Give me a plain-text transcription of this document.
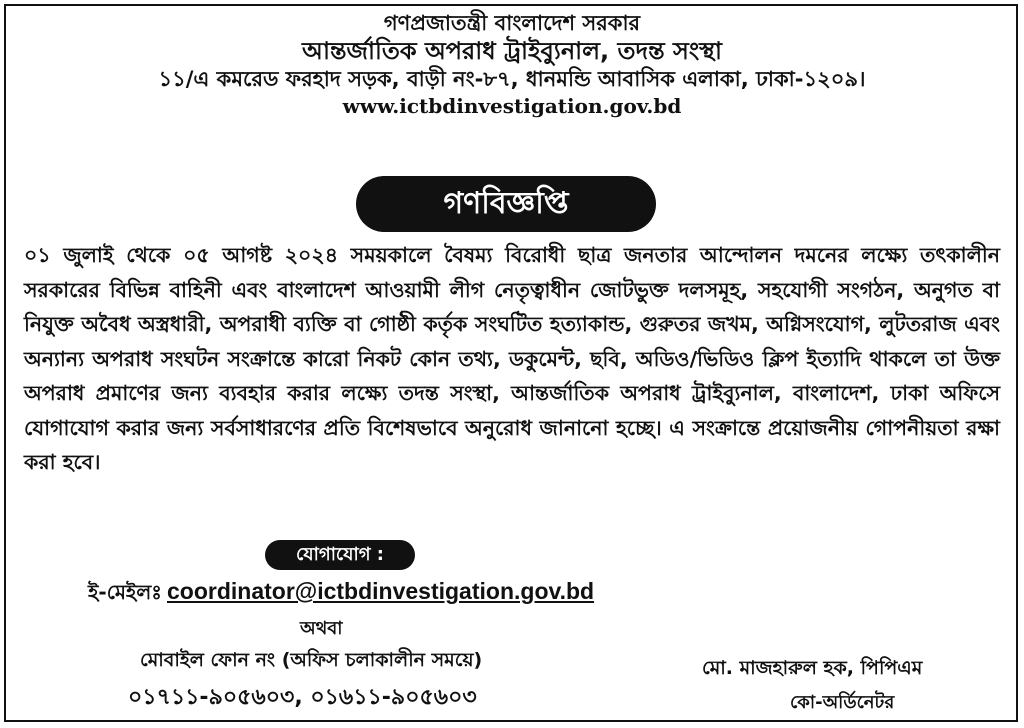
গণপ্রজাতন্ত্রী বাংলাদেশ সরকার
আন্তর্জাতিক অপরাধ ট্রাইব্যুনাল, তদন্ত সংস্থা
১১/এ কমরেড ফরহাদ সড়ক, বাড়ী নং-৮৭, ধানমন্ডি আবাসিক এলাকা, ঢাকা-১২০৯।
www.ictbdinvestigation.gov.bd
গণবিজ্ঞপ্তি
০১ জুলাই থেকে ০৫ আগষ্ট ২০২৪ সময়কালে বৈষম্য বিরোধী ছাত্র জনতার আন্দোলন দমনের লক্ষ্যে তৎকালীন সরকারের বিভিন্ন বাহিনী এবং বাংলাদেশ আওয়ামী লীগ নেতৃত্বাধীন জোটভুক্ত দলসমূহ, সহযোগী সংগঠন, অনুগত বা নিযুক্ত অবৈধ অস্ত্রধারী, অপরাধী ব্যক্তি বা গোষ্ঠী কর্তৃক সংঘটিত হত্যাকান্ড, গুরুতর জখম, অগ্নিসংযোগ, লুটতরাজ এবং অন্যান্য অপরাধ সংঘটন সংক্রান্তে কারো নিকট কোন তথ্য, ডকুমেন্ট, ছবি, অডিও/ভিডিও ক্লিপ ইত্যাদি থাকলে তা উক্ত অপরাধ প্রমাণের জন্য ব্যবহার করার লক্ষ্যে তদন্ত সংস্থা, আন্তর্জাতিক অপরাধ ট্রাইব্যুনাল, বাংলাদেশ, ঢাকা অফিসে যোগাযোগ করার জন্য সর্বসাধারণের প্রতি বিশেষভাবে অনুরোধ জানানো হচ্ছে। এ সংক্রান্তে প্রয়োজনীয় গোপনীয়তা রক্ষা করা হবে।
যোগাযোগ :
ই-মেইলঃ coordinator@ictbdinvestigation.gov.bd
অথবা
মোবাইল ফোন নং (অফিস চলাকালীন সময়ে)
০১৭১১-৯০৫৬০৩, ০১৬১১-৯০৫৬০৩
মো. মাজহারুল হক, পিপিএম
কো-অর্ডিনেটর
